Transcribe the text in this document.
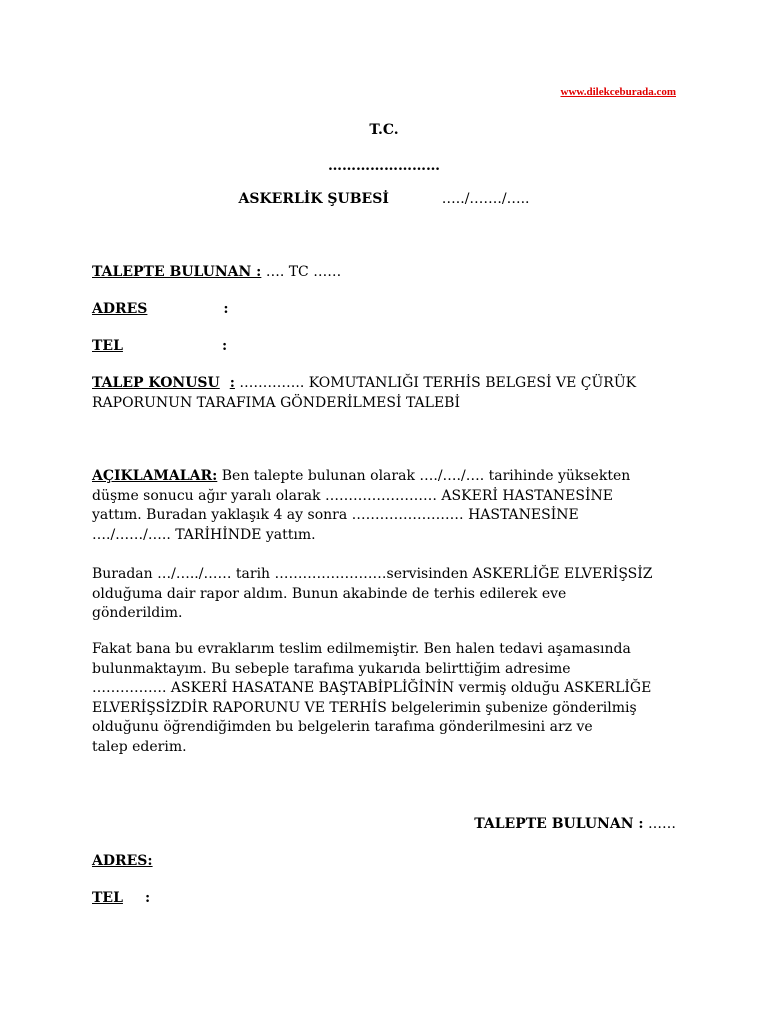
www.dilekceburada.com
T.C.
……………………
ASKERLİK ŞUBESİ	…../……./…..
TALEPTE BULUNAN : …. TC ……
ADRES	:
TEL	:
TALEP KONUSU : ………….. KOMUTANLIĞI TERHİS BELGESİ VE ÇÜRÜK
RAPORUNUN TARAFIMA GÖNDERİLMESİ TALEBİ
AÇIKLAMALAR: Ben talepte bulunan olarak …./…./…. tarihinde yüksekten
düşme sonucu ağır yaralı olarak …………………… ASKERİ HASTANESİNE
yattım. Buradan yaklaşık 4 ay sonra …………………… HASTANESİNE
…./……/….. TARİHİNDE yattım.
Buradan …/…../…… tarih ……………………servisinden ASKERLİĞE ELVERİŞSİZ
olduğuma dair rapor aldım. Bunun akabinde de terhis edilerek eve
gönderildim.
Fakat bana bu evraklarım teslim edilmemiştir. Ben halen tedavi aşamasında
bulunmaktayım. Bu sebeple tarafıma yukarıda belirttiğim adresime
……………. ASKERİ HASATANE BAŞTABİPLİĞİNİN vermiş olduğu ASKERLİĞE
ELVERİŞSİZDİR RAPORUNU VE TERHİS belgelerimin şubenize gönderilmiş
olduğunu öğrendiğimden bu belgelerin tarafıma gönderilmesini arz ve
talep ederim.
TALEPTE BULUNAN : ……
ADRES:
TEL :
